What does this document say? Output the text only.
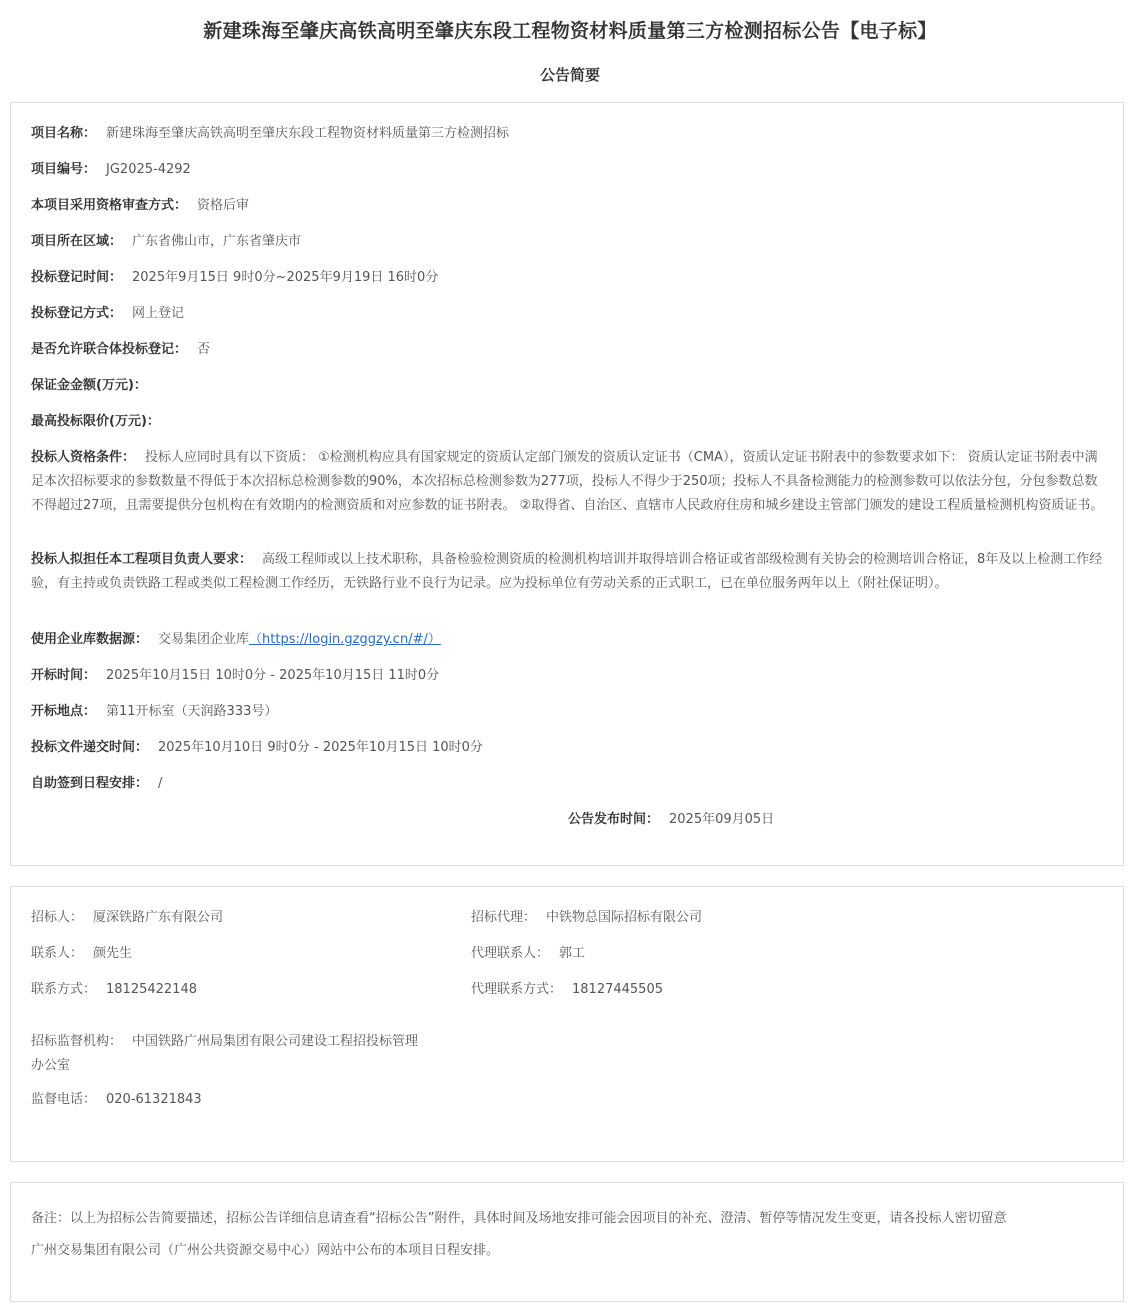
新建珠海至肇庆高铁高明至肇庆东段工程物资材料质量第三方检测招标公告【电子标】
公告简要
项目名称： 新建珠海至肇庆高铁高明至肇庆东段工程物资材料质量第三方检测招标
项目编号： JG2025-4292
本项目采用资格审查方式： 资格后审
项目所在区域： 广东省佛山市，广东省肇庆市
投标登记时间： 2025年9月15日 9时0分~2025年9月19日 16时0分
投标登记方式： 网上登记
是否允许联合体投标登记： 否
保证金金额(万元)：
最高投标限价(万元)：
投标人资格条件： 投标人应同时具有以下资质： ①检测机构应具有国家规定的资质认定部门颁发的资质认定证书（CMA），资质认定证书附表中的参数要求如下： 资质认定证书附表中满足本次招标要求的参数数量不得低于本次招标总检测参数的90%，本次招标总检测参数为277项，投标人不得少于250项；投标人不具备检测能力的检测参数可以依法分包，分包参数总数不得超过27项，且需要提供分包机构在有效期内的检测资质和对应参数的证书附表。 ②取得省、自治区、直辖市人民政府住房和城乡建设主管部门颁发的建设工程质量检测机构资质证书。
投标人拟担任本工程项目负责人要求： 高级工程师或以上技术职称，具备检验检测资质的检测机构培训并取得培训合格证或省部级检测有关协会的检测培训合格证，8年及以上检测工作经验，有主持或负责铁路工程或类似工程检测工作经历，无铁路行业不良行为记录。应为投标单位有劳动关系的正式职工，已在单位服务两年以上（附社保证明）。
使用企业库数据源： 交易集团企业库（https://login.gzggzy.cn/#/）
开标时间： 2025年10月15日 10时0分 - 2025年10月15日 11时0分
开标地点： 第11开标室（天润路333号）
投标文件递交时间： 2025年10月10日 9时0分 - 2025年10月15日 10时0分
自助签到日程安排： /
公告发布时间： 2025年09月05日
招标人： 厦深铁路广东有限公司	招标代理： 中铁物总国际招标有限公司
联系人： 颜先生	代理联系人： 郭工
联系方式： 18125422148	代理联系方式： 18127445505
招标监督机构： 中国铁路广州局集团有限公司建设工程招投标管理
办公室
监督电话： 020-61321843
备注：以上为招标公告简要描述，招标公告详细信息请查看“招标公告”附件，具体时间及场地安排可能会因项目的补充、澄清、暂停等情况发生变更，请各投标人密切留意
广州交易集团有限公司（广州公共资源交易中心）网站中公布的本项目日程安排。
